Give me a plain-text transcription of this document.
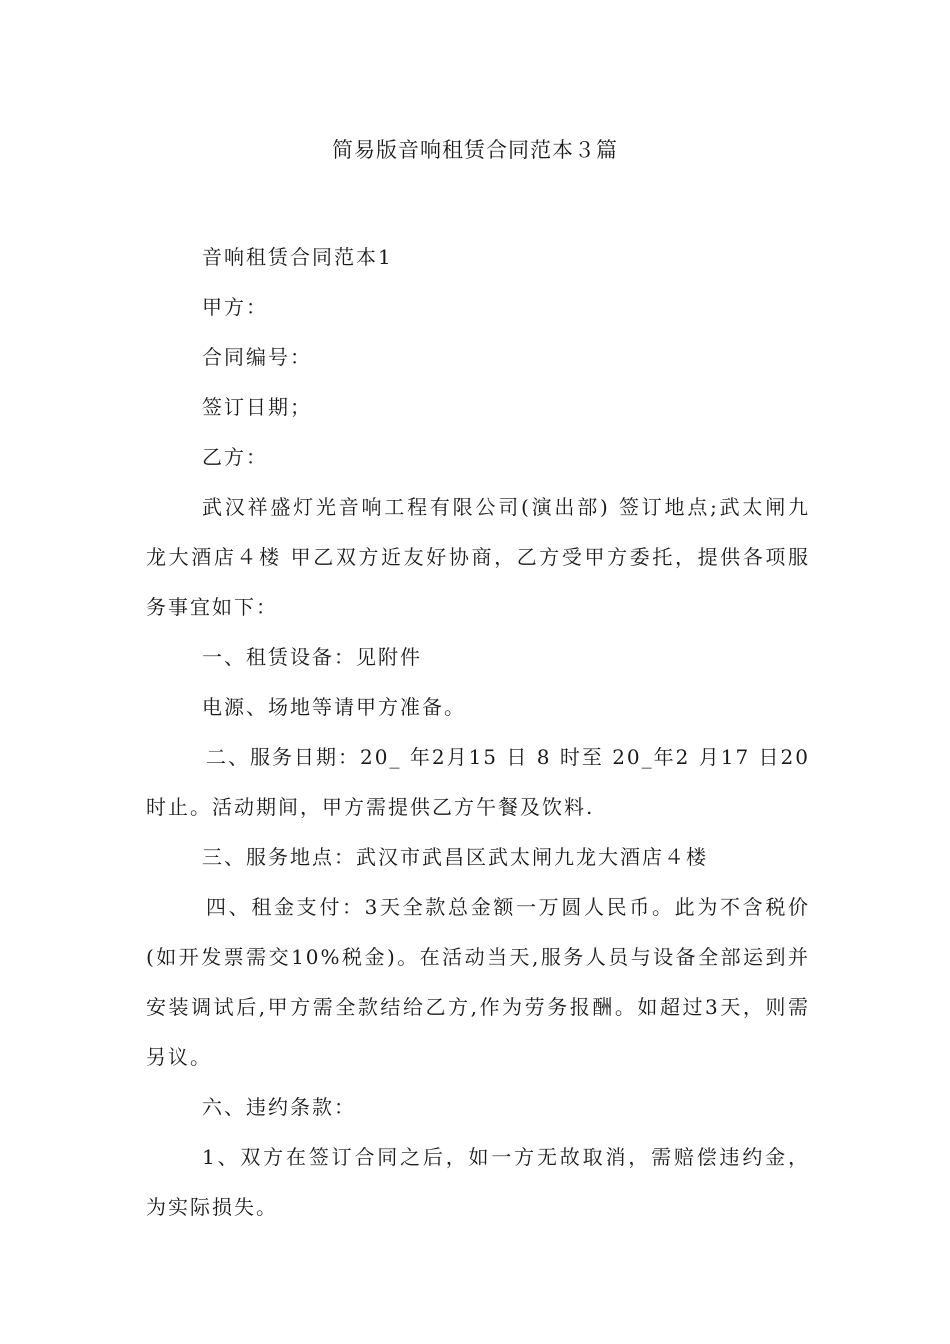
简易版音响租赁合同范本３篇

音响租赁合同范本1

甲方：

合同编号：

签订日期；

乙方：

武汉祥盛灯光音响工程有限公司(演出部) 签订地点;武太闸九龙大酒店４楼 甲乙双方近友好协商，乙方受甲方委托，提供各项服务事宜如下：

一、租赁设备：见附件

电源、场地等请甲方准备。

二、服务日期：20_ 年2月15 日 8 时至 20_年2 月17 日20 时止。活动期间，甲方需提供乙方午餐及饮料.

三、服务地点：武汉市武昌区武太闸九龙大酒店４楼

四、租金支付：3天全款总金额一万圆人民币。此为不含税价(如开发票需交10%税金)。在活动当天,服务人员与设备全部运到并安装调试后,甲方需全款结给乙方,作为劳务报酬。如超过3天，则需另议。

六、违约条款：

1、双方在签订合同之后，如一方无故取消，需赔偿违约金，为实际损失。
